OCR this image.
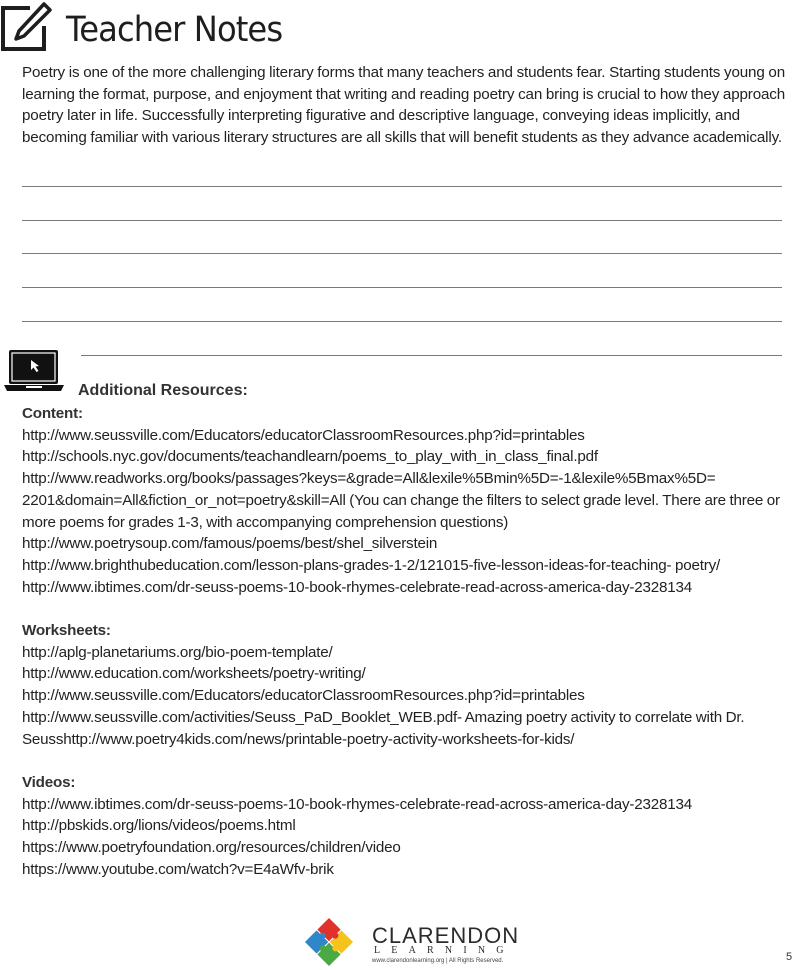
Teacher Notes
Poetry is one of the more challenging literary forms that many teachers and students fear. Starting students young on learning the format, purpose, and enjoyment that writing and reading poetry can bring is crucial to how they approach poetry later in life. Successfully interpreting figurative and descriptive language, conveying ideas implicitly, and becoming familiar with various literary structures are all skills that will benefit students as they advance academically.
Additional Resources:
Content:
http://www.seussville.com/Educators/educatorClassroomResources.php?id=printables
http://schools.nyc.gov/documents/teachandlearn/poems_to_play_with_in_class_final.pdf
http://www.readworks.org/books/passages?keys=&grade=All&lexile%5Bmin%5D=-1&lexile%5Bmax%5D= 2201&domain=All&fiction_or_not=poetry&skill=All (You can change the filters to select grade level. There are three or more poems for grades 1-3, with accompanying comprehension questions)
http://www.poetrysoup.com/famous/poems/best/shel_silverstein
http://www.brighthubeducation.com/lesson-plans-grades-1-2/121015-five-lesson-ideas-for-teaching- poetry/
http://www.ibtimes.com/dr-seuss-poems-10-book-rhymes-celebrate-read-across-america-day-2328134
Worksheets:
http://aplg-planetariums.org/bio-poem-template/
http://www.education.com/worksheets/poetry-writing/
http://www.seussville.com/Educators/educatorClassroomResources.php?id=printables
http://www.seussville.com/activities/Seuss_PaD_Booklet_WEB.pdf- Amazing poetry activity to correlate with Dr. Seusshttp://www.poetry4kids.com/news/printable-poetry-activity-worksheets-for-kids/
Videos:
http://www.ibtimes.com/dr-seuss-poems-10-book-rhymes-celebrate-read-across-america-day-2328134
http://pbskids.org/lions/videos/poems.html
https://www.poetryfoundation.org/resources/children/video
https://www.youtube.com/watch?v=E4aWfv-brik
CLARENDON
LEARNING
www.clarendonlearning.org | All Rights Reserved.	5
